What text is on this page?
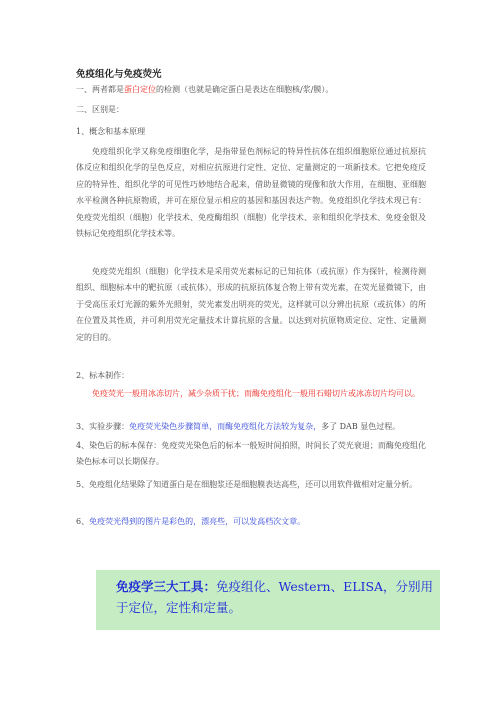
免疫组化与免疫荧光
一、两者都是蛋白定位的检测（也就是确定蛋白是表达在细胞核/浆/膜）。
二、区别是：
1、概念和基本原理
免疫组织化学又称免疫细胞化学，是指带显色剂标记的特异性抗体在组织细胞原位通过抗原抗体反应和组织化学的呈色反应，对相应抗原进行定性、定位、定量测定的一项新技术。它把免疫反应的特异性、组织化学的可见性巧妙地结合起来，借助显微镜的现像和放大作用，在细胞、亚细胞水平检测各种抗原物质，并可在原位显示相应的基因和基因表达产物。免疫组织化学技术现已有：免疫荧光组织（细胞）化学技术、免疫酶组织（细胞）化学技术、亲和组织化学技术、免疫金银及铁标记免疫组织化学技术等。
免疫荧光组织（细胞）化学技术是采用荧光素标记的已知抗体（或抗原）作为探针，检测待测组织、细胞标本中的靶抗原（或抗体），形成的抗原抗体复合物上带有荧光素，在荧光显微镜下，由于受高压汞灯光源的紫外光照射，荧光素发出明亮的荧光，这样就可以分辨出抗原（或抗体）的所在位置及其性质，并可利用荧光定量技术计算抗原的含量。以达到对抗原物质定位、定性、定量测定的目的。
2、标本制作：
免疫荧光一般用冰冻切片，减少杂质干扰；而酶免疫组化一般用石蜡切片或冰冻切片均可以。
3、实验步骤：免疫荧光染色步骤简单，而酶免疫组化方法较为复杂，多了 DAB 显色过程。
4、染色后的标本保存：免疫荧光染色后的标本一般短时间拍照，时间长了荧光衰退；而酶免疫组化染色标本可以长期保存。
5、免疫组化结果除了知道蛋白是在细胞浆还是细胞膜表达高些，还可以用软件做相对定量分析。
6、免疫荧光得到的图片是彩色的，漂亮些，可以发高档次文章。
免疫学三大工具：免疫组化、Western、ELISA，分别用于定位，定性和定量。
